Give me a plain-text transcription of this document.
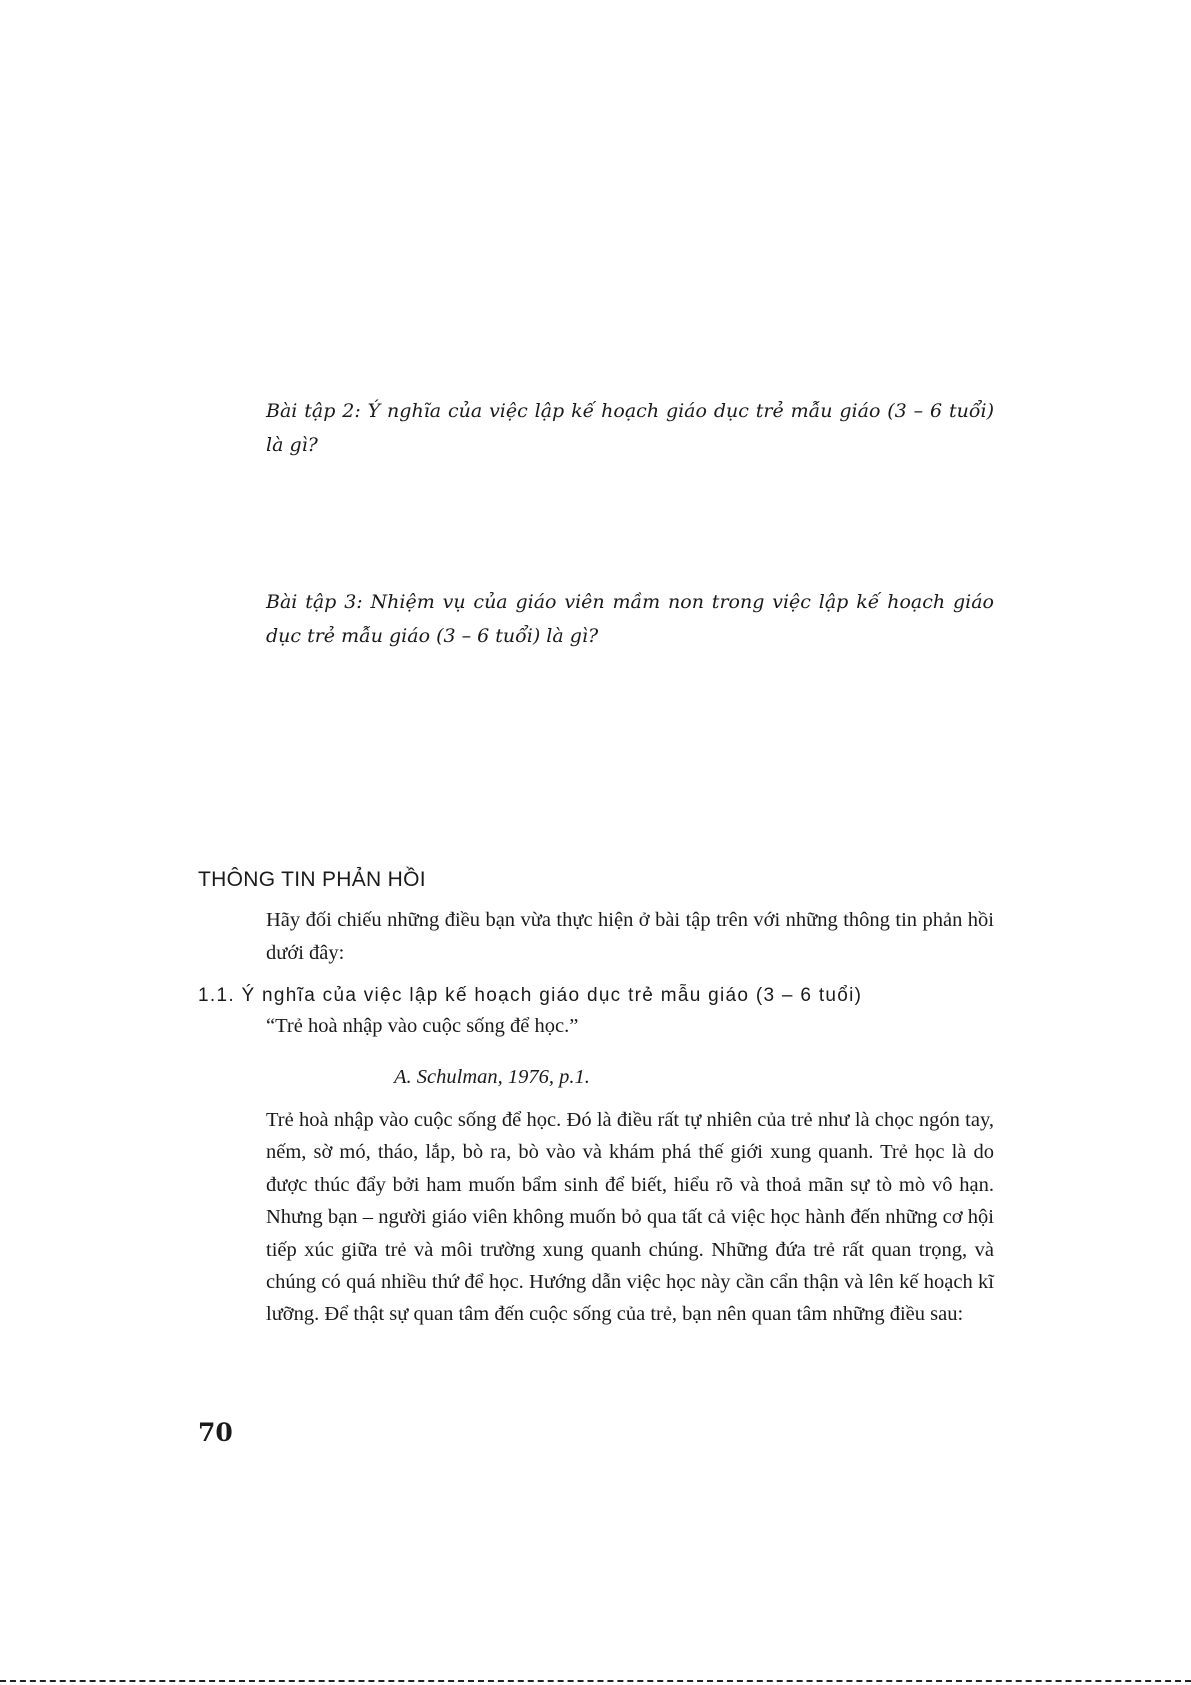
Bài tập 2: Ý nghĩa của việc lập kế hoạch giáo dục trẻ mẫu giáo (3 – 6 tuổi) là gì?

Bài tập 3: Nhiệm vụ của giáo viên mầm non trong việc lập kế hoạch giáo dục trẻ mẫu giáo (3 – 6 tuổi) là gì?

THÔNG TIN PHẢN HỒI

Hãy đối chiếu những điều bạn vừa thực hiện ở bài tập trên với những thông tin phản hồi dưới đây:

1.1. Ý nghĩa của việc lập kế hoạch giáo dục trẻ mẫu giáo (3 – 6 tuổi)

“Trẻ hoà nhập vào cuộc sống để học.”

A. Schulman, 1976, p.1.

Trẻ hoà nhập vào cuộc sống để học. Đó là điều rất tự nhiên của trẻ như là chọc ngón tay, nếm, sờ mó, tháo, lắp, bò ra, bò vào và khám phá thế giới xung quanh. Trẻ học là do được thúc đẩy bởi ham muốn bẩm sinh để biết, hiểu rõ và thoả mãn sự tò mò vô hạn. Nhưng bạn – người giáo viên không muốn bỏ qua tất cả việc học hành đến những cơ hội tiếp xúc giữa trẻ và môi trường xung quanh chúng. Những đứa trẻ rất quan trọng, và chúng có quá nhiều thứ để học. Hướng dẫn việc học này cần cẩn thận và lên kế hoạch kĩ lưỡng. Để thật sự quan tâm đến cuộc sống của trẻ, bạn nên quan tâm những điều sau:

70
